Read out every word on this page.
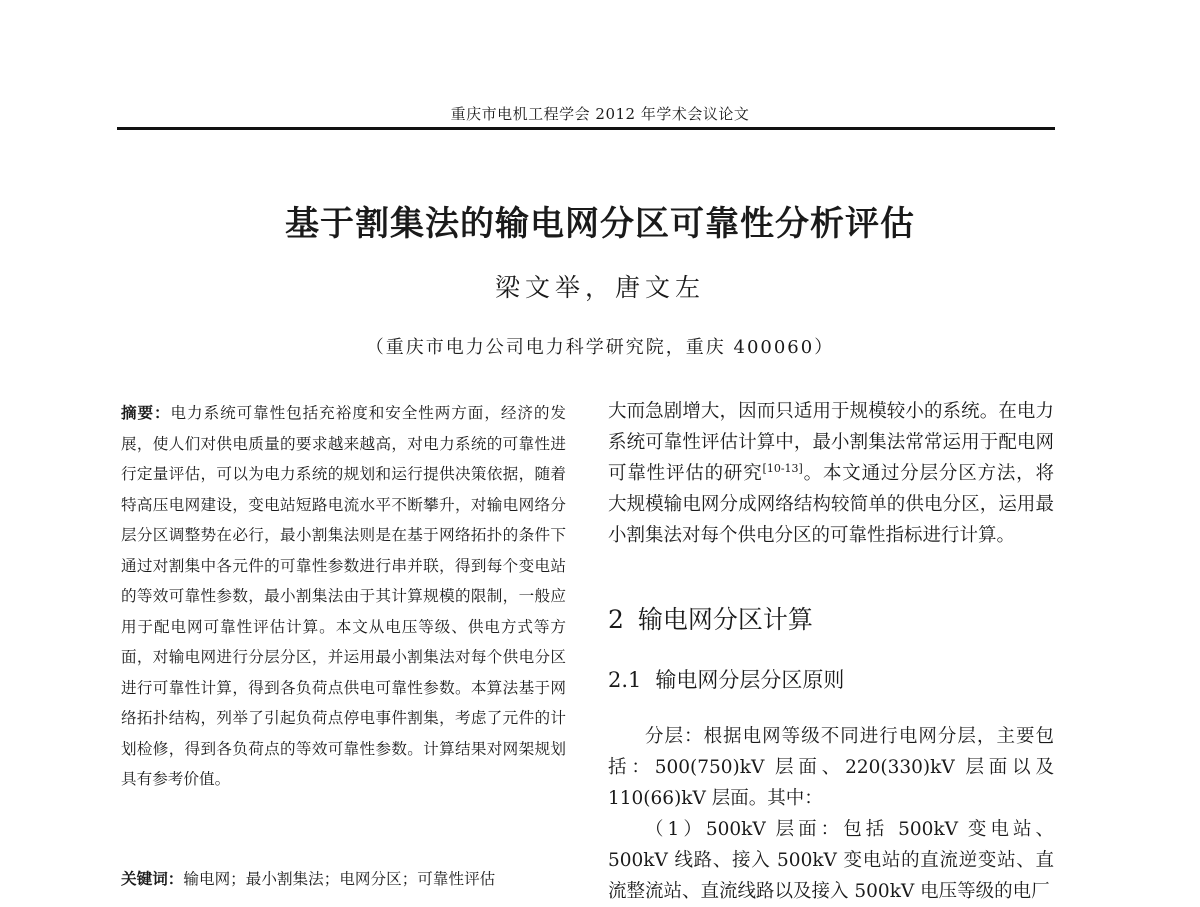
重庆市电机工程学会 2012 年学术会议论文
基于割集法的输电网分区可靠性分析评估
梁文举，唐文左
（重庆市电力公司电力科学研究院，重庆 400060）

摘要：电力系统可靠性包括充裕度和安全性两方面，经济的发展，使人们对供电质量的要求越来越高，对电力系统的可靠性进行定量评估，可以为电力系统的规划和运行提供决策依据，随着特高压电网建设，变电站短路电流水平不断攀升，对输电网络分层分区调整势在必行，最小割集法则是在基于网络拓扑的条件下通过对割集中各元件的可靠性参数进行串并联，得到每个变电站的等效可靠性参数，最小割集法由于其计算规模的限制，一般应用于配电网可靠性评估计算。本文从电压等级、供电方式等方面，对输电网进行分层分区，并运用最小割集法对每个供电分区进行可靠性计算，得到各负荷点供电可靠性参数。本算法基于网络拓扑结构，列举了引起负荷点停电事件割集，考虑了元件的计划检修，得到各负荷点的等效可靠性参数。计算结果对网架规划具有参考价值。

关键词：输电网；最小割集法；电网分区；可靠性评估

大而急剧增大，因而只适用于规模较小的系统。在电力系统可靠性评估计算中，最小割集法常常运用于配电网可靠性评估的研究[10-13]。本文通过分层分区方法，将大规模输电网分成网络结构较简单的供电分区，运用最小割集法对每个供电分区的可靠性指标进行计算。

2 输电网分区计算
2.1 输电网分层分区原则

分层：根据电网等级不同进行电网分层，主要包括：500(750)kV 层面、220(330)kV 层面以及 110(66)kV 层面。其中：

（1）500kV 层面：包括 500kV 变电站、500kV 线路、接入 500kV 变电站的直流逆变站、直流整流站、直流线路以及接入 500kV 电压等级的电厂
